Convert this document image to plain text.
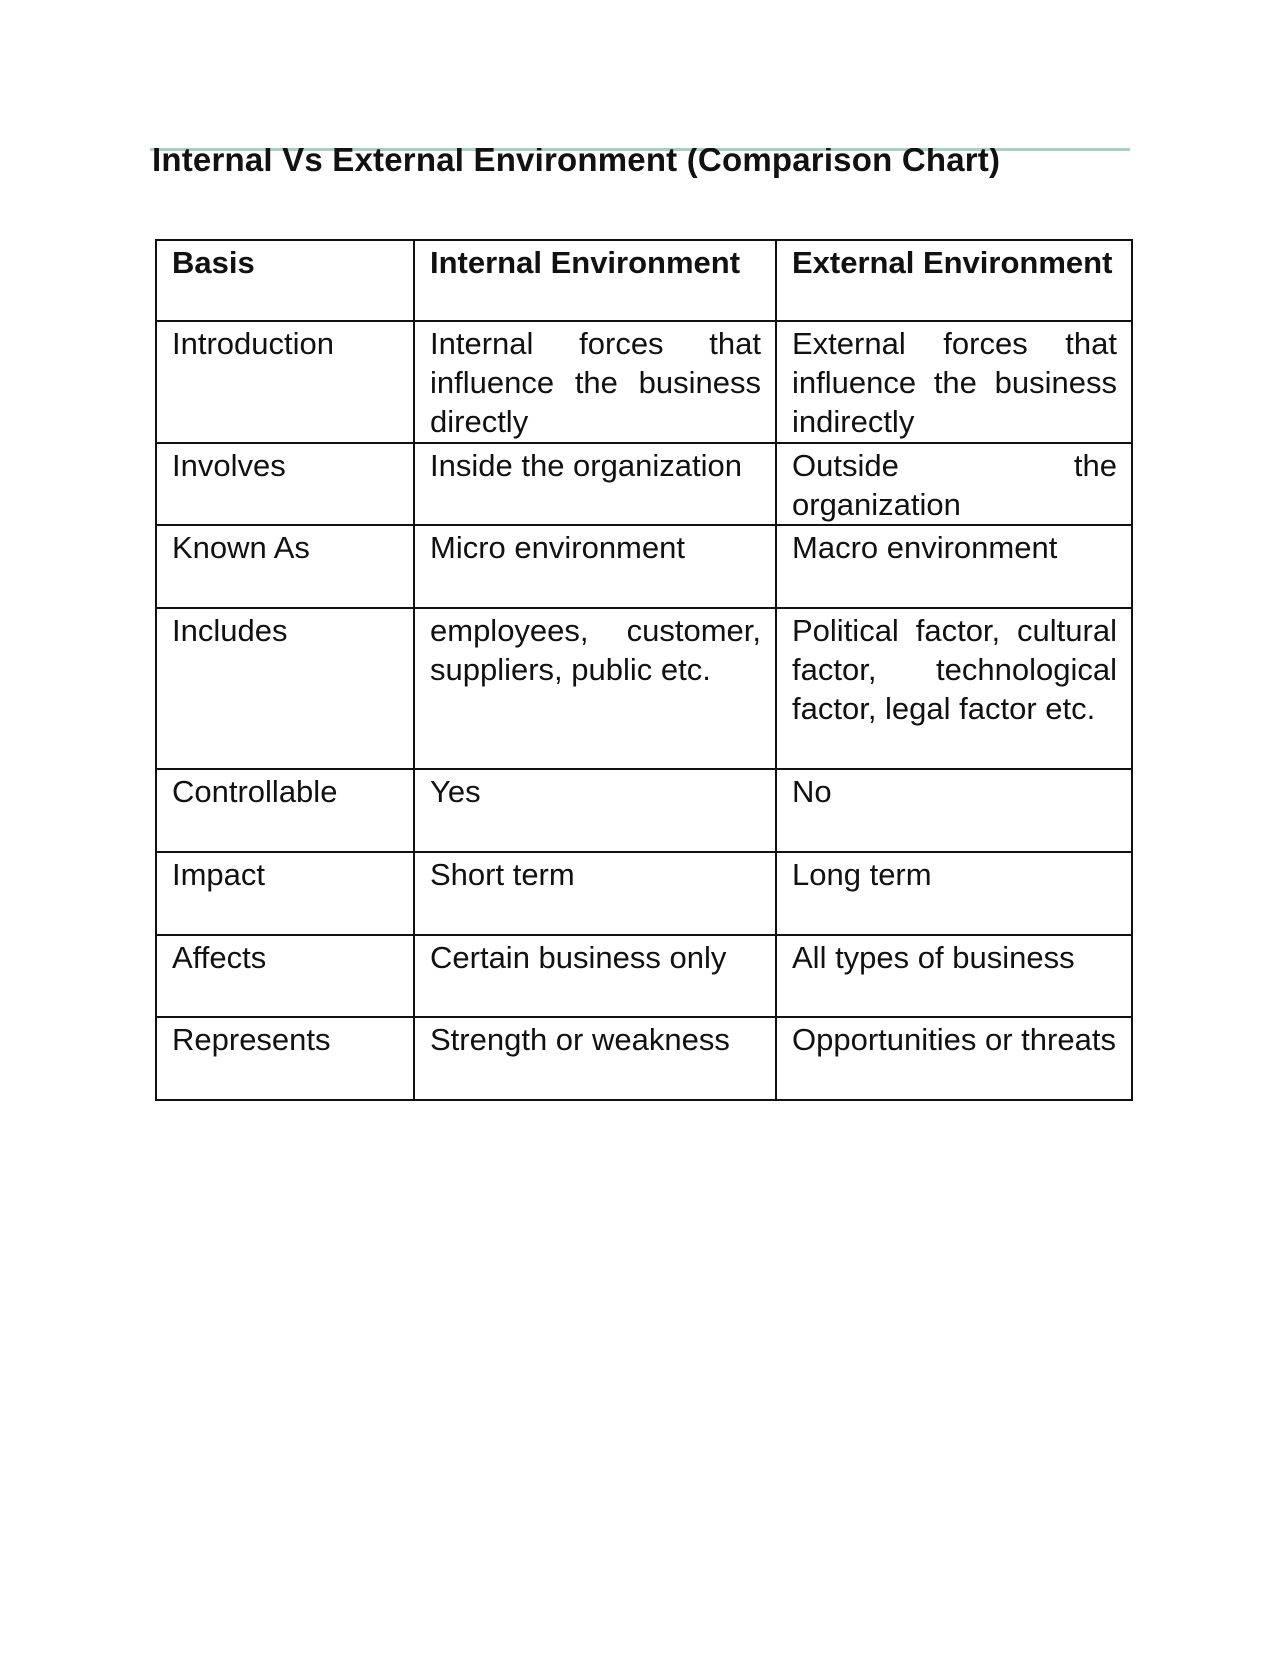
Internal Vs External Environment (Comparison Chart)
Basis	Internal Environment	External Environment
Introduction	Internal forces that influence the business directly	External forces that influence the business indirectly
Involves	Inside the organization	Outside the organization
Known As	Micro environment	Macro environment
Includes	employees, customer, suppliers, public etc.	Political factor, cultural factor, technological factor, legal factor etc.
Controllable	Yes	No
Impact	Short term	Long term
Affects	Certain business only	All types of business
Represents	Strength or weakness	Opportunities or threats
